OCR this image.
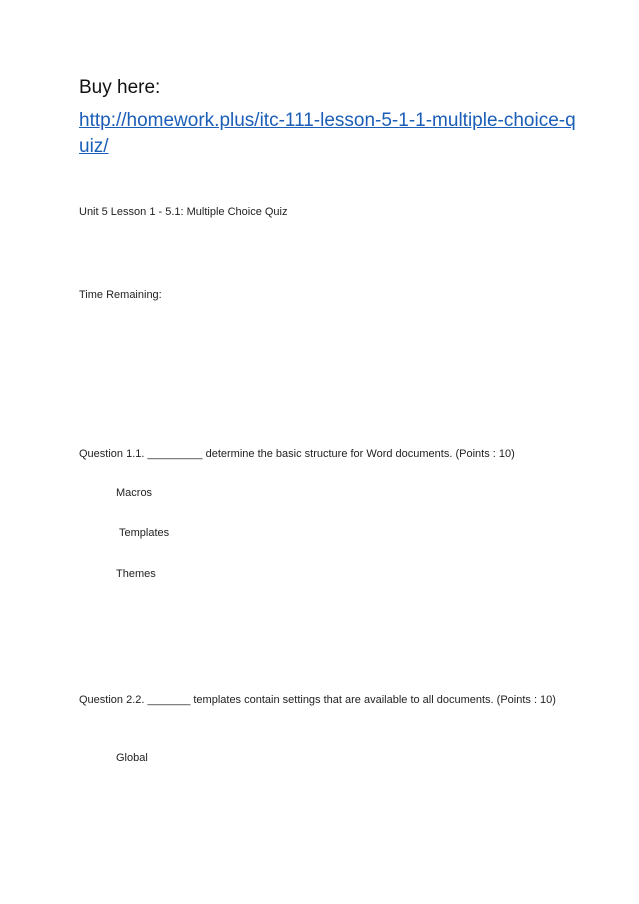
Buy here:
http://homework.plus/itc-111-lesson-5-1-1-multiple-choice-quiz/
Unit 5 Lesson 1 - 5.1: Multiple Choice Quiz
Time Remaining:
Question 1.1. _________ determine the basic structure for Word documents. (Points : 10)
Macros
Templates
Themes
Question 2.2. _______ templates contain settings that are available to all documents. (Points : 10)
Global
